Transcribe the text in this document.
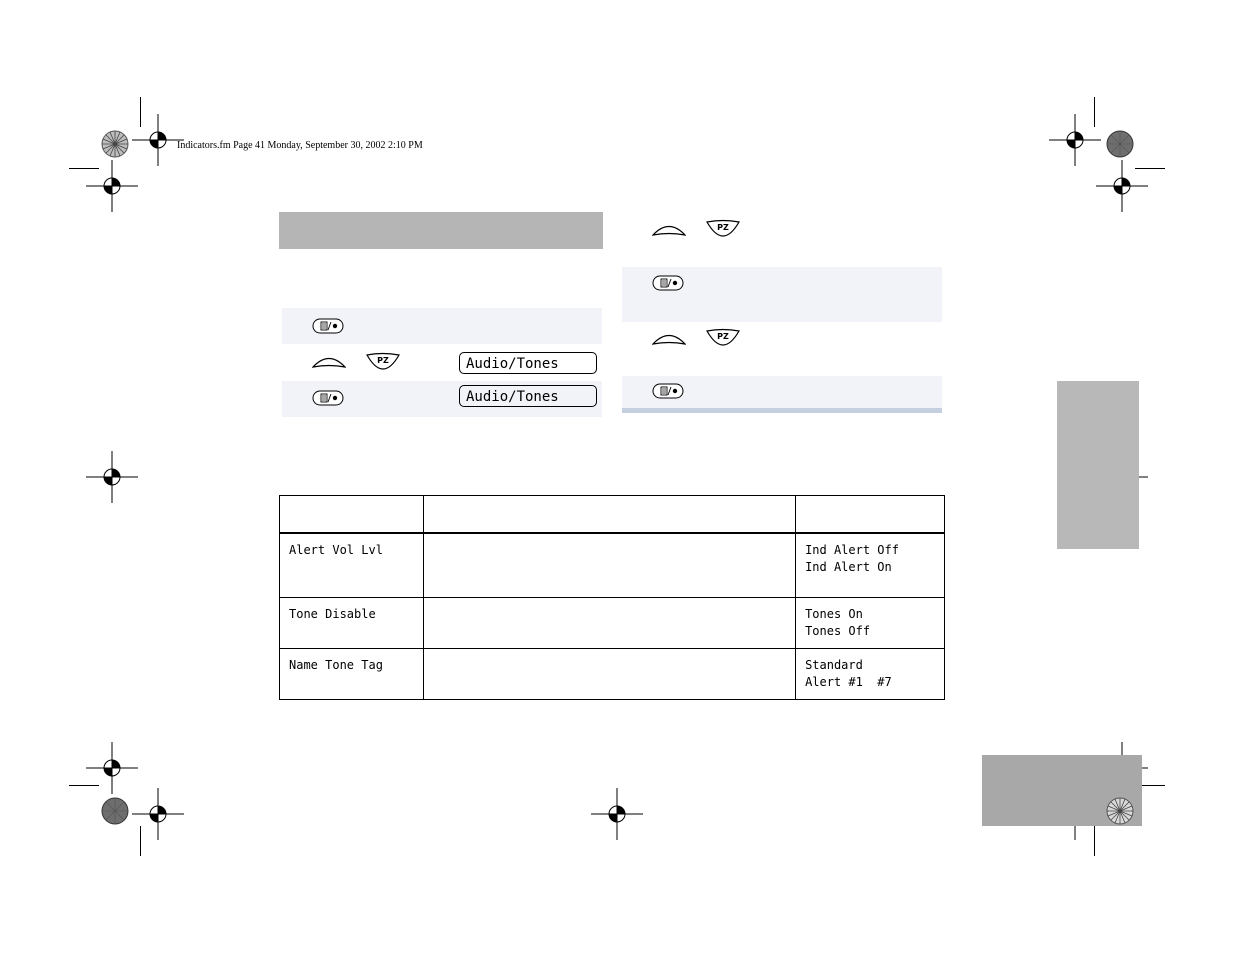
Indicators.fm Page 41 Monday, September 30, 2002 2:10 PM
PZ	Audio/Tones
Audio/Tones
PZ
PZ

Alert Vol Lvl		Ind Alert Off
Ind Alert On

Tone Disable		Tones On
Tones Off

Name Tone Tag		Standard
Alert #1  #7
